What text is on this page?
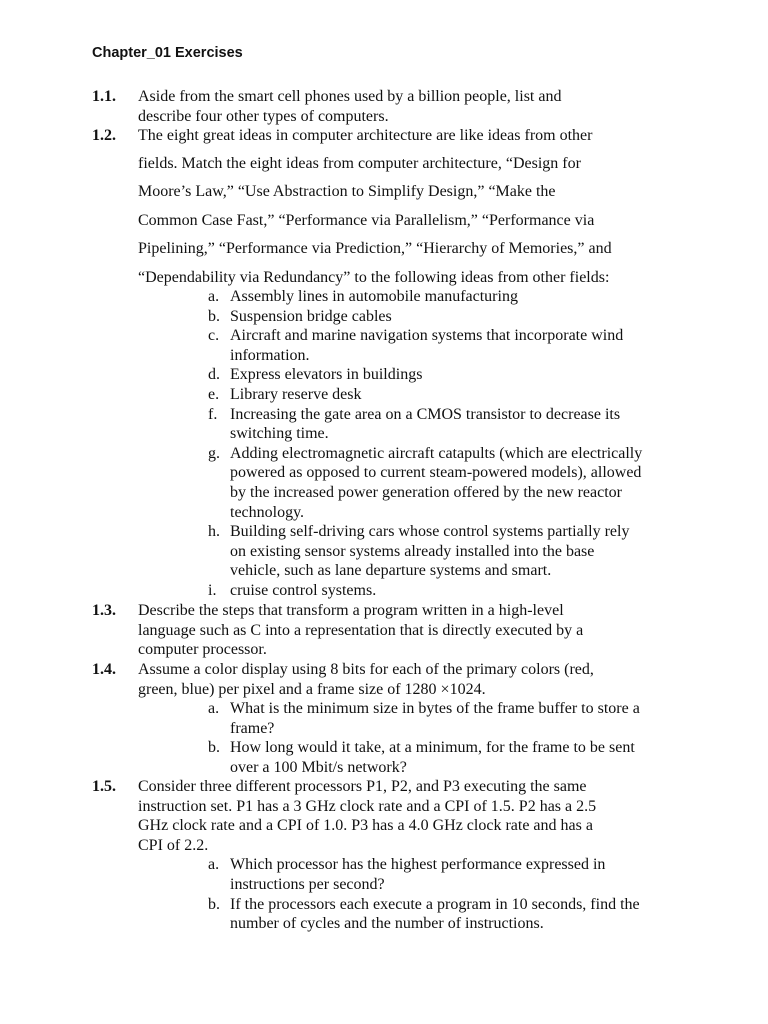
Chapter_01 Exercises
1.1. Aside from the smart cell phones used by a billion people, list and
describe four other types of computers.
1.2. The eight great ideas in computer architecture are like ideas from other
fields. Match the eight ideas from computer architecture, “Design for
Moore’s Law,” “Use Abstraction to Simplify Design,” “Make the
Common Case Fast,” “Performance via Parallelism,” “Performance via
Pipelining,” “Performance via Prediction,” “Hierarchy of Memories,” and
“Dependability via Redundancy” to the following ideas from other fields:
a. Assembly lines in automobile manufacturing
b. Suspension bridge cables
c. Aircraft and marine navigation systems that incorporate wind
information.
d. Express elevators in buildings
e. Library reserve desk
f. Increasing the gate area on a CMOS transistor to decrease its
switching time.
g. Adding electromagnetic aircraft catapults (which are electrically
powered as opposed to current steam-powered models), allowed
by the increased power generation offered by the new reactor
technology.
h. Building self-driving cars whose control systems partially rely
on existing sensor systems already installed into the base
vehicle, such as lane departure systems and smart.
i. cruise control systems.
1.3. Describe the steps that transform a program written in a high-level
language such as C into a representation that is directly executed by a
computer processor.
1.4. Assume a color display using 8 bits for each of the primary colors (red,
green, blue) per pixel and a frame size of 1280 ×1024.
a. What is the minimum size in bytes of the frame buffer to store a
frame?
b. How long would it take, at a minimum, for the frame to be sent
over a 100 Mbit/s network?
1.5. Consider three different processors P1, P2, and P3 executing the same
instruction set. P1 has a 3 GHz clock rate and a CPI of 1.5. P2 has a 2.5
GHz clock rate and a CPI of 1.0. P3 has a 4.0 GHz clock rate and has a
CPI of 2.2.
a. Which processor has the highest performance expressed in
instructions per second?
b. If the processors each execute a program in 10 seconds, find the
number of cycles and the number of instructions.
